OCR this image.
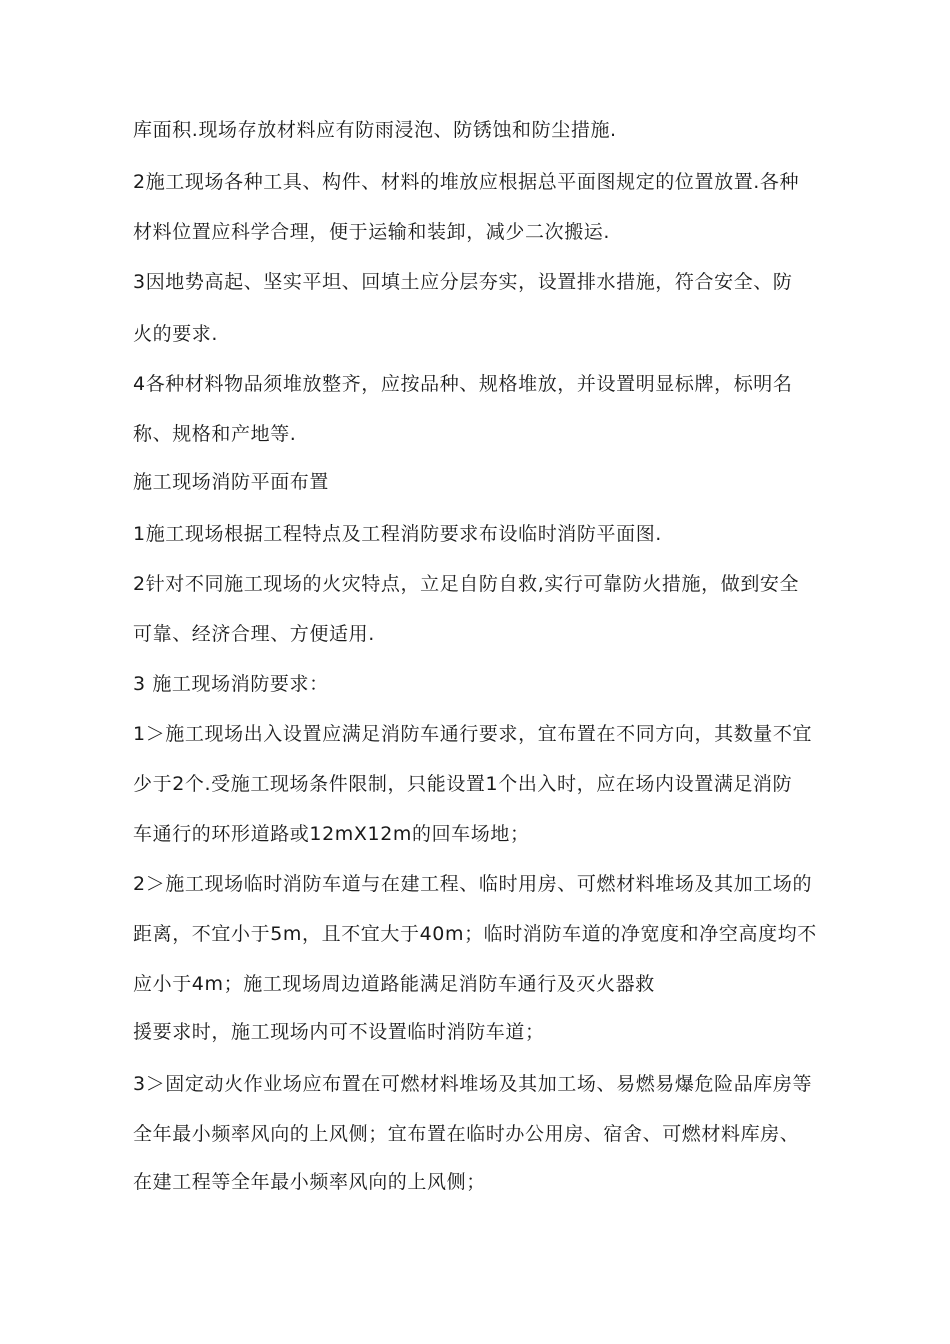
库面积.现场存放材料应有防雨浸泡、防锈蚀和防尘措施.
2施工现场各种工具、构件、材料的堆放应根据总平面图规定的位置放置.各种
材料位置应科学合理，便于运输和装卸，减少二次搬运.
3因地势高起、坚实平坦、回填土应分层夯实，设置排水措施，符合安全、防
火的要求.
4各种材料物品须堆放整齐，应按品种、规格堆放，并设置明显标牌，标明名
称、规格和产地等.
施工现场消防平面布置
1施工现场根据工程特点及工程消防要求布设临时消防平面图.
2针对不同施工现场的火灾特点，立足自防自救,实行可靠防火措施，做到安全
可靠、经济合理、方便适用.
3 施工现场消防要求：
1＞施工现场出入设置应满足消防车通行要求，宜布置在不同方向，其数量不宜
少于2个.受施工现场条件限制，只能设置1个出入时，应在场内设置满足消防
车通行的环形道路或12mX12m的回车场地；
2＞施工现场临时消防车道与在建工程、临时用房、可燃材料堆场及其加工场的
距离，不宜小于5m，且不宜大于40m；临时消防车道的净宽度和净空高度均不
应小于4m；施工现场周边道路能满足消防车通行及灭火器救
援要求时，施工现场内可不设置临时消防车道；
3＞固定动火作业场应布置在可燃材料堆场及其加工场、易燃易爆危险品库房等
全年最小频率风向的上风侧；宜布置在临时办公用房、宿舍、可燃材料库房、
在建工程等全年最小频率风向的上风侧；
